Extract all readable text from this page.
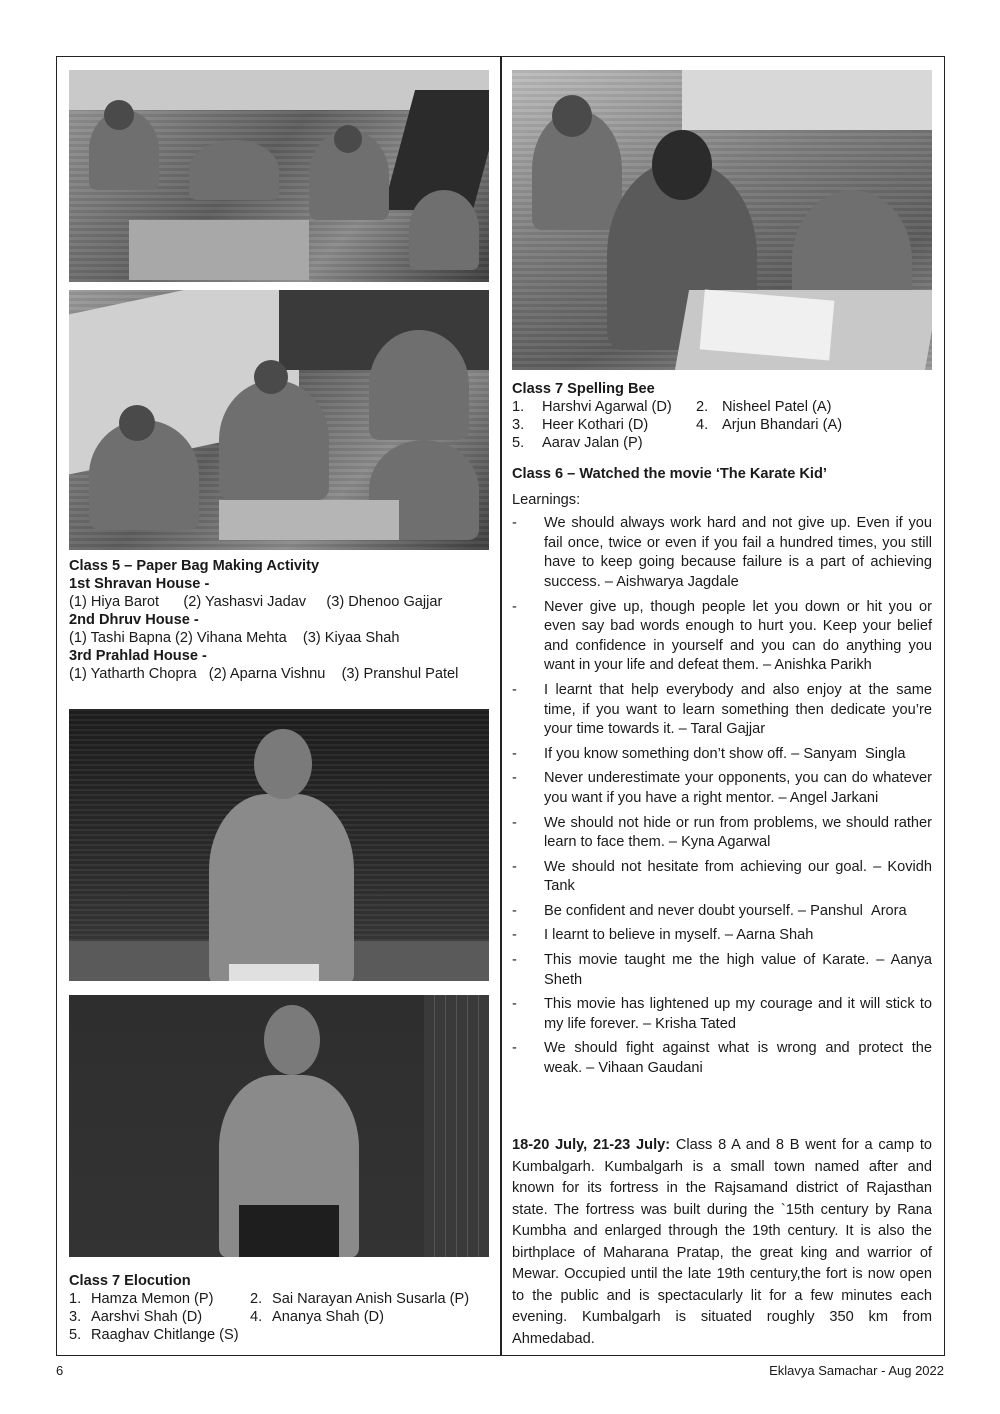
Class 5 – Paper Bag Making Activity
1st Shravan House -
(1) Hiya Barot      (2) Yashasvi Jadav     (3) Dhenoo Gajjar
2nd Dhruv House -
(1) Tashi Bapna (2) Vihana Mehta    (3) Kiyaa Shah
3rd Prahlad House -
(1) Yatharth Chopra   (2) Aparna Vishnu    (3) Pranshul Patel
Class 7 Elocution
1. Hamza Memon (P)	2. Sai Narayan Anish Susarla (P)
3. Aarshvi Shah (D)	4. Ananya Shah (D)
5. Raaghav Chitlange (S)
Class 7 Spelling Bee
1.	Harshvi Agarwal (D) 2. Nisheel Patel (A)
3.	Heer Kothari (D)	4. Arjun Bhandari (A)
5.	Aarav Jalan (P)
Class 6 – Watched the movie ‘The Karate Kid’
Learnings:
- We should always work hard and not give up. Even if you fail once, twice or even if you fail a hundred times, you still have to keep going because failure is a part of achieving success. – Aishwarya Jagdale
- Never give up, though people let you down or hit you or even say bad words enough to hurt you. Keep your belief and confidence in yourself and you can do anything you want in your life and defeat them. – Anishka Parikh
- I learnt that help everybody and also enjoy at the same time, if you want to learn something then dedicate you’re your time towards it. – Taral Gajjar
- If you know something don’t show off. – Sanyam  Singla
- Never underestimate your opponents, you can do whatever you want if you have a right mentor. – Angel Jarkani
- We should not hide or run from problems, we should rather learn to face them. – Kyna Agarwal
- We should not hesitate from achieving our goal. – Kovidh Tank
- Be confident and never doubt yourself. – Panshul  Arora
- I learnt to believe in myself. – Aarna Shah
- This movie taught me the high value of Karate. – Aanya Sheth
- This movie has lightened up my courage and it will stick to my life forever. – Krisha Tated
- We should fight against what is wrong and protect the weak. – Vihaan Gaudani
18-20 July, 21-23 July: Class 8 A and 8 B went for a camp to Kumbalgarh. Kumbalgarh is a small town named after and known for its fortress in the Rajsamand district of Rajasthan state. The fortress was built during the `15th century by Rana Kumbha and enlarged through the 19th century. It is also the birthplace of Maharana Pratap, the great king and warrior of Mewar. Occupied until the late 19th century,the fort is now open to the public and is spectacularly lit for a few minutes each evening. Kumbalgarh is situated roughly 350 km from Ahmedabad.
6	Eklavya Samachar - Aug 2022
